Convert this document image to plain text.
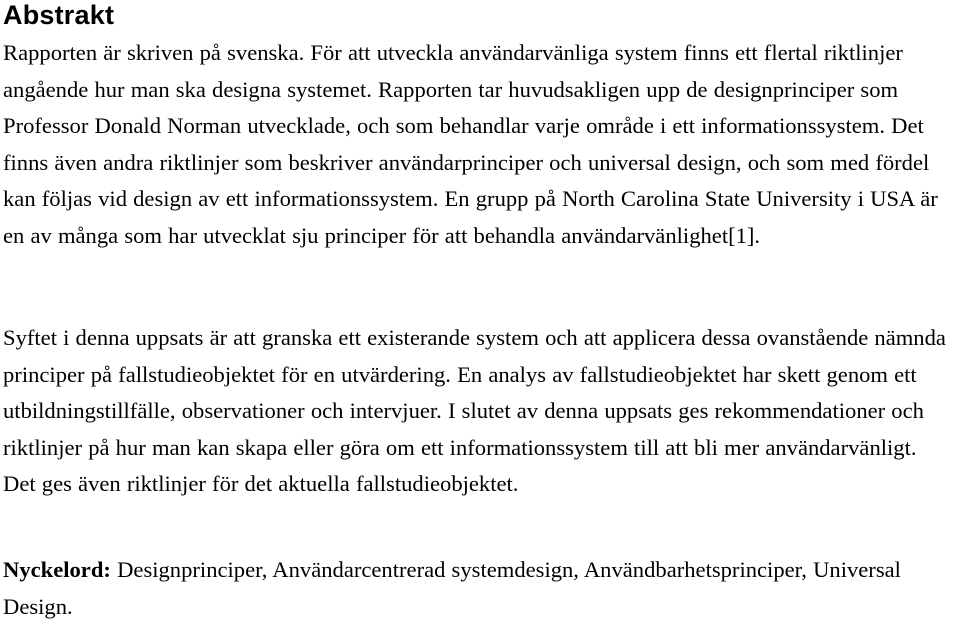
Abstrakt

Rapporten är skriven på svenska. För att utveckla användarvänliga system finns ett flertal riktlinjer angående hur man ska designa systemet. Rapporten tar huvudsakligen upp de designprinciper som Professor Donald Norman utvecklade, och som behandlar varje område i ett informationssystem. Det finns även andra riktlinjer som beskriver användarprinciper och universal design, och som med fördel kan följas vid design av ett informationssystem. En grupp på North Carolina State University i USA är en av många som har utvecklat sju principer för att behandla användarvänlighet[1].

Syftet i denna uppsats är att granska ett existerande system och att applicera dessa ovanstående nämnda principer på fallstudieobjektet för en utvärdering. En analys av fallstudieobjektet har skett genom ett utbildningstillfälle, observationer och intervjuer. I slutet av denna uppsats ges rekommendationer och riktlinjer på hur man kan skapa eller göra om ett informationssystem till att bli mer användarvänligt. Det ges även riktlinjer för det aktuella fallstudieobjektet.

Nyckelord: Designprinciper, Användarcentrerad systemdesign, Användbarhetsprinciper, Universal Design.
